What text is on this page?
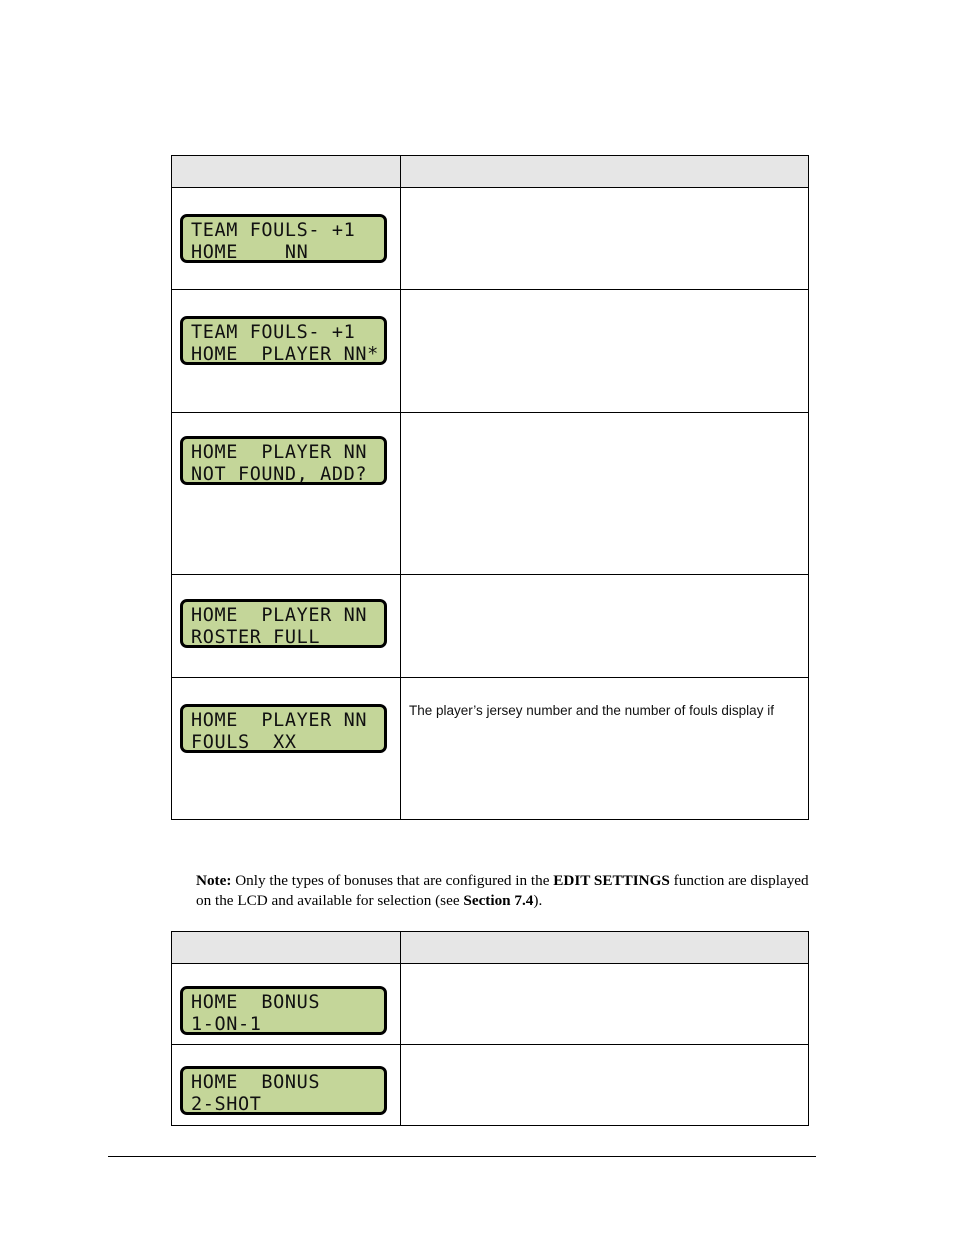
TEAM FOULS- +1
HOME    NN	

TEAM FOULS- +1
HOME  PLAYER NN*	

HOME  PLAYER NN
NOT FOUND, ADD?	

HOME  PLAYER NN
ROSTER FULL	

HOME  PLAYER NN
FOULS  XX	The player’s jersey number and the number of fouls display if

Note: Only the types of bonuses that are configured in the EDIT SETTINGS function are displayed on the LCD and available for selection (see Section 7.4).

HOME  BONUS
1-ON-1	

HOME  BONUS
2-SHOT	
